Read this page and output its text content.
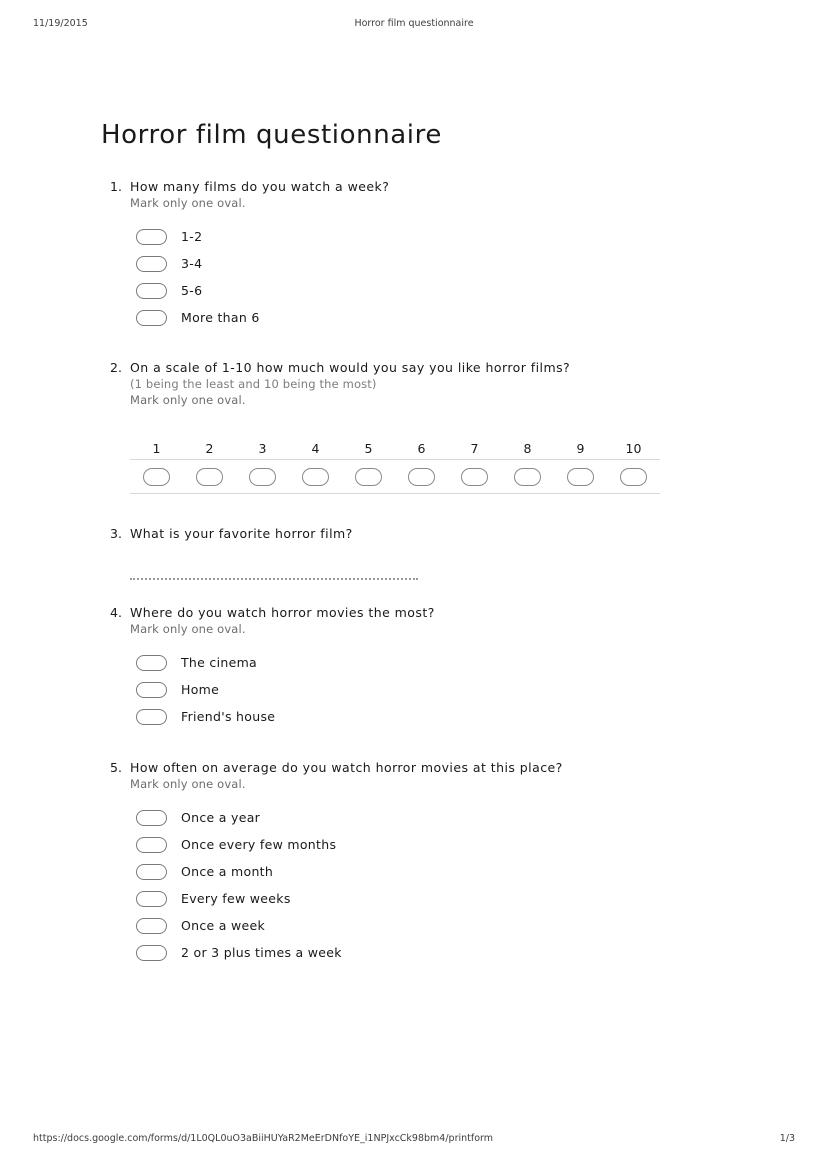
11/19/2015	Horror film questionnaire
Horror film questionnaire
1. How many films do you watch a week?
Mark only one oval.
1-2
3-4
5-6
More than 6
2. On a scale of 1-10 how much would you say you like horror films?
(1 being the least and 10 being the most)
Mark only one oval.
1	2	3	4	5	6	7	8	9	10
3. What is your favorite horror film?
4. Where do you watch horror movies the most?
Mark only one oval.
The cinema
Home
Friend's house
5. How often on average do you watch horror movies at this place?
Mark only one oval.
Once a year
Once every few months
Once a month
Every few weeks
Once a week
2 or 3 plus times a week
https://docs.google.com/forms/d/1L0QL0uO3aBiiHUYaR2MeErDNfoYE_i1NPJxcCk98bm4/printform	1/3
